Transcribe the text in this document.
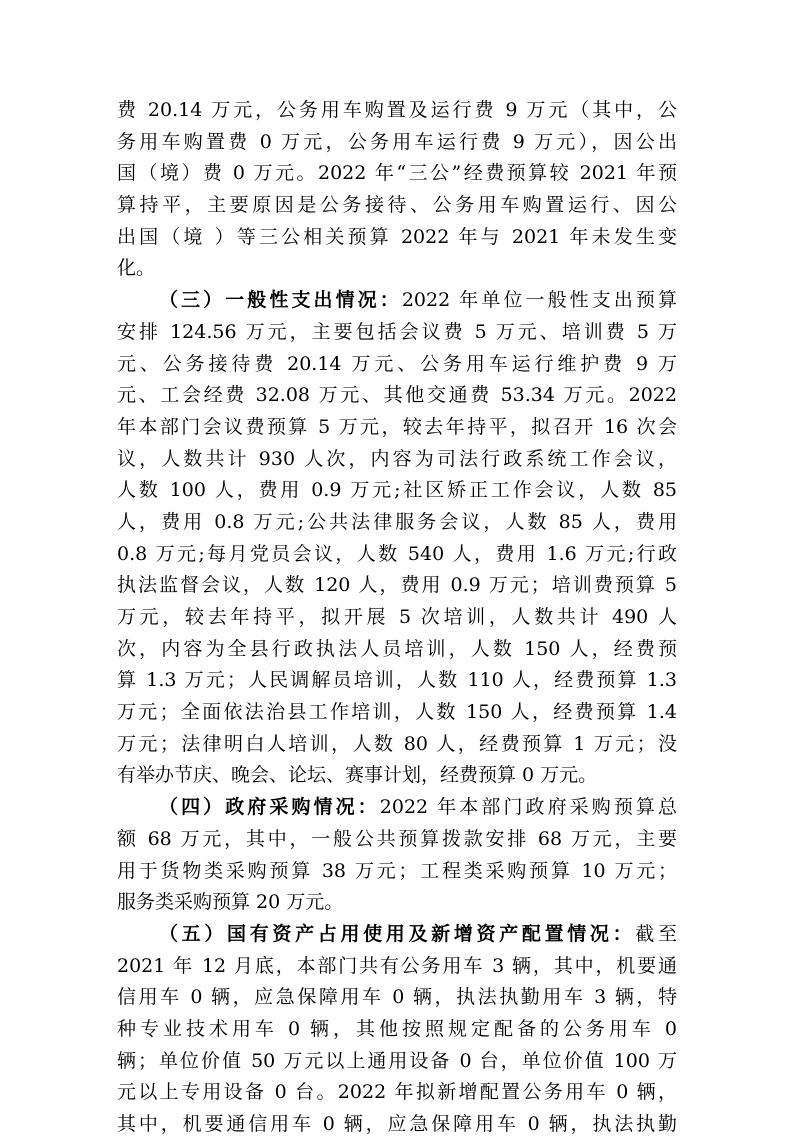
费 20.14 万元，公务用车购置及运行费 9 万元（其中，公
务用车购置费 0 万元，公务用车运行费 9 万元），因公出
国（境）费 0 万元。2022 年“三公”经费预算较 2021 年预
算持平，主要原因是公务接待、公务用车购置运行、因公
出国（境 ）等三公相关预算 2022 年与 2021 年未发生变
化。
（三）一般性支出情况：2022 年单位一般性支出预算
安排 124.56 万元，主要包括会议费 5 万元、培训费 5 万
元、公务接待费 20.14 万元、公务用车运行维护费 9 万
元、工会经费 32.08 万元、其他交通费 53.34 万元。2022
年本部门会议费预算 5 万元，较去年持平，拟召开 16 次会
议，人数共计 930 人次，内容为司法行政系统工作会议，
人数 100 人，费用 0.9 万元;社区矫正工作会议，人数 85
人，费用 0.8 万元;公共法律服务会议，人数 85 人，费用
0.8 万元;每月党员会议，人数 540 人，费用 1.6 万元;行政
执法监督会议，人数 120 人，费用 0.9 万元；培训费预算 5
万元，较去年持平，拟开展 5 次培训，人数共计 490 人
次，内容为全县行政执法人员培训，人数 150 人，经费预
算 1.3 万元；人民调解员培训，人数 110 人，经费预算 1.3
万元；全面依法治县工作培训，人数 150 人，经费预算 1.4
万元；法律明白人培训，人数 80 人，经费预算 1 万元；没
有举办节庆、晚会、论坛、赛事计划，经费预算 0 万元。
（四）政府采购情况：2022 年本部门政府采购预算总
额 68 万元，其中，一般公共预算拨款安排 68 万元，主要
用于货物类采购预算 38 万元；工程类采购预算 10 万元；
服务类采购预算 20 万元。
（五）国有资产占用使用及新增资产配置情况：截至
2021 年 12 月底，本部门共有公务用车 3 辆，其中，机要通
信用车 0 辆，应急保障用车 0 辆，执法执勤用车 3 辆，特
种专业技术用车 0 辆，其他按照规定配备的公务用车 0
辆；单位价值 50 万元以上通用设备 0 台，单位价值 100 万
元以上专用设备 0 台。2022 年拟新增配置公务用车 0 辆，
其中，机要通信用车 0 辆，应急保障用车 0 辆，执法执勤
